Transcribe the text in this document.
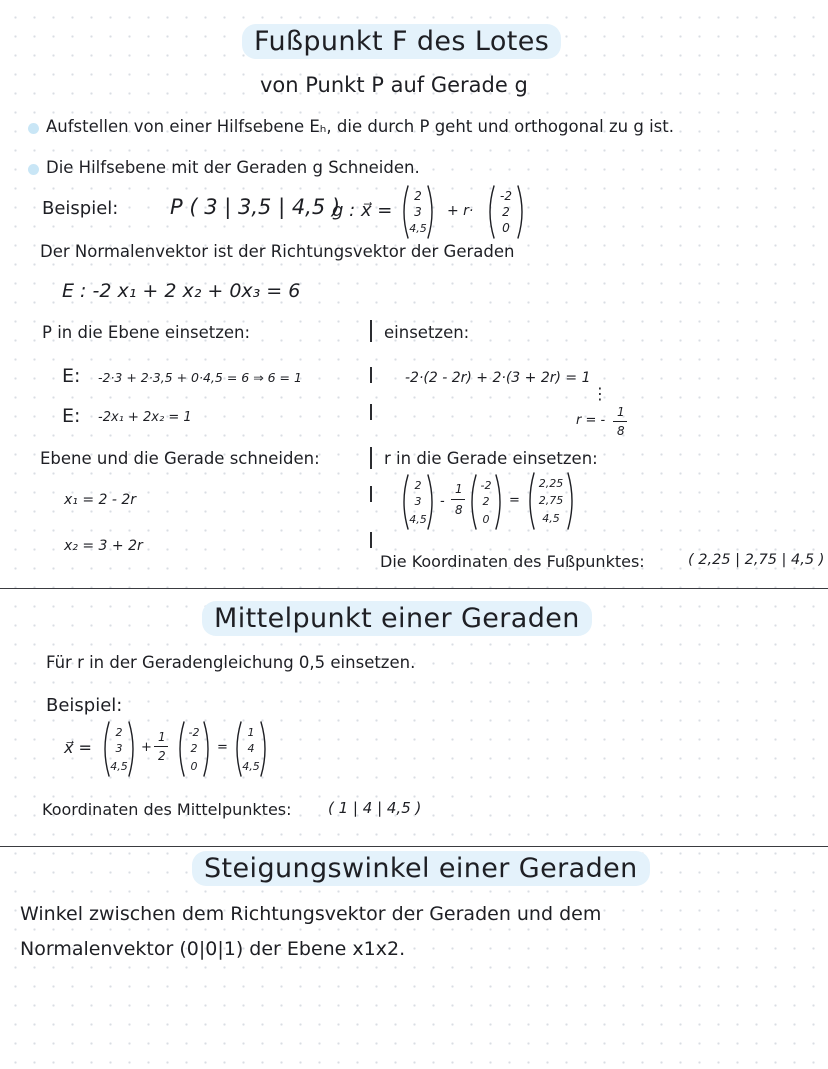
Fußpunkt F des Lotes
von Punkt P auf Gerade g
Aufstellen von einer Hilfsebene Eₕ, die durch P geht und orthogonal zu g ist.
Die Hilfsebene mit der Geraden g Schneiden.
Beispiel: P ( 3 | 3,5 | 4,5 )
g : x⃗ =
2
3
4,5
+ r·
-2
2
0
Der Normalenvektor ist der Richtungsvektor der Geraden
E : -2 x₁ + 2 x₂ + 0x₃ = 6
P in die Ebene einsetzen:
E: -2·3 + 2·3,5 + 0·4,5 = 6 ⇒ 6 = 1
E: -2x₁ + 2x₂ = 1
Ebene und die Gerade schneiden:
x₁ = 2 - 2r
x₂ = 3 + 2r
einsetzen:
-2·(2 - 2r) + 2·(3 + 2r) = 1
⋮
r = -
1
8
r in die Gerade einsetzen:
2
3
4,5
-
1
8
-2
2
0
=
2,25
2,75
4,5
Die Koordinaten des Fußpunktes:	( 2,25 | 2,75 | 4,5 )
Mittelpunkt einer Geraden
Für r in der Geradengleichung 0,5 einsetzen.
Beispiel:
x⃗ =
2
3
4,5
+
1
2
-2
2
0
=
1
4
4,5
Koordinaten des Mittelpunktes: ( 1 | 4 | 4,5 )
Steigungswinkel einer Geraden
Winkel zwischen dem Richtungsvektor der Geraden und dem
Normalenvektor (0|0|1) der Ebene x1x2.
